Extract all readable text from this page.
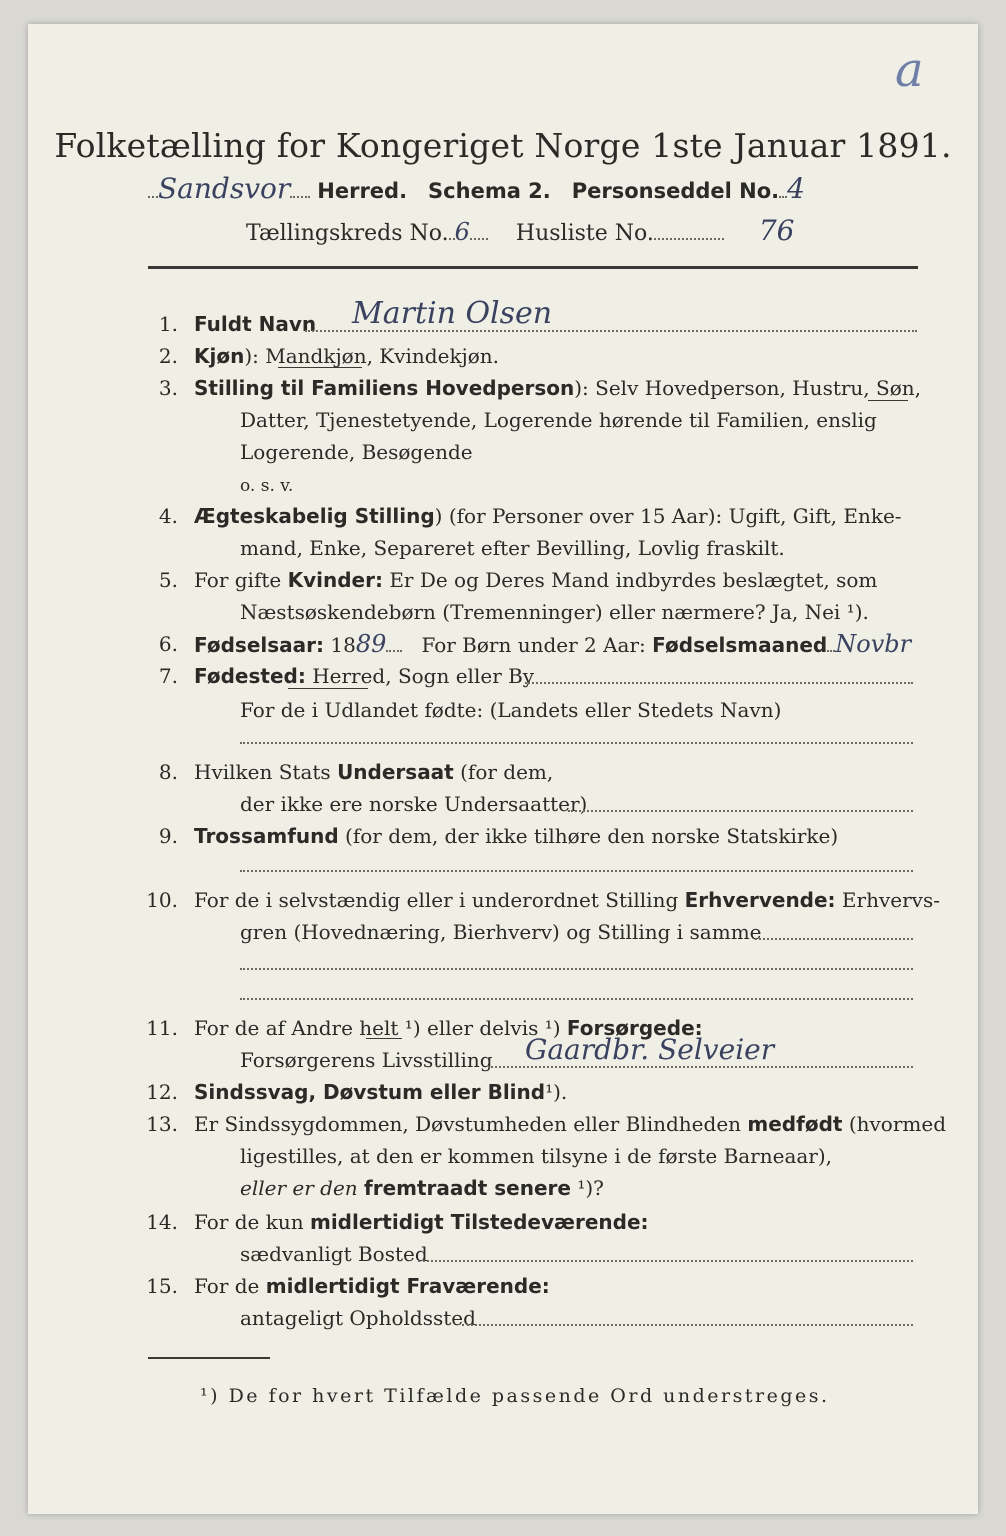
a
Folketælling for Kongeriget Norge 1ste Januar 1891.
Sandsvor Herred. Schema 2. Personseddel No. 4
Tællingskreds No. 6 Husliste No.	76
1. Fuldt Navn Martin Olsen
2. Kjøn): Mandkjøn, Kvindekjøn.
3. Stilling til Familiens Hovedperson): Selv Hovedperson, Hustru, Søn,
Datter, Tjenestetyende, Logerende hørende til Familien, enslig
Logerende, Besøgende
o. s. v.
4. Ægteskabelig Stilling) (for Personer over 15 Aar): Ugift, Gift, Enke-
mand, Enke, Separeret efter Bevilling, Lovlig fraskilt.
5. For gifte Kvinder: Er De og Deres Mand indbyrdes beslægtet, som
Næstsøskendebørn (Tremenninger) eller nærmere? Ja, Nei ¹).
6. Fødselsaar: 1889 For Børn under 2 Aar: Fødselsmaaned Novbr
7. Fødested: Herred, Sogn eller By
For de i Udlandet fødte: (Landets eller Stedets Navn)
8. Hvilken Stats Undersaat (for dem,
der ikke ere norske Undersaatter)
9. Trossamfund (for dem, der ikke tilhøre den norske Statskirke)
10. For de i selvstændig eller i underordnet Stilling Erhvervende: Erhvervs-
gren (Hovednæring, Bierhverv) og Stilling i samme
11. For de af Andre helt ¹) eller delvis ¹) Forsørgede:
Forsørgerens Livsstilling Gaardbr. Selveier
12. Sindssvag, Døvstum eller Blind¹).
13. Er Sindssygdommen, Døvstumheden eller Blindheden medfødt (hvormed
ligestilles, at den er kommen tilsyne i de første Barneaar),
eller er den fremtraadt senere ¹)?
14. For de kun midlertidigt Tilstedeværende:
sædvanligt Bosted
15. For de midlertidigt Fraværende:
antageligt Opholdssted
¹) De for hvert Tilfælde passende Ord understreges.
